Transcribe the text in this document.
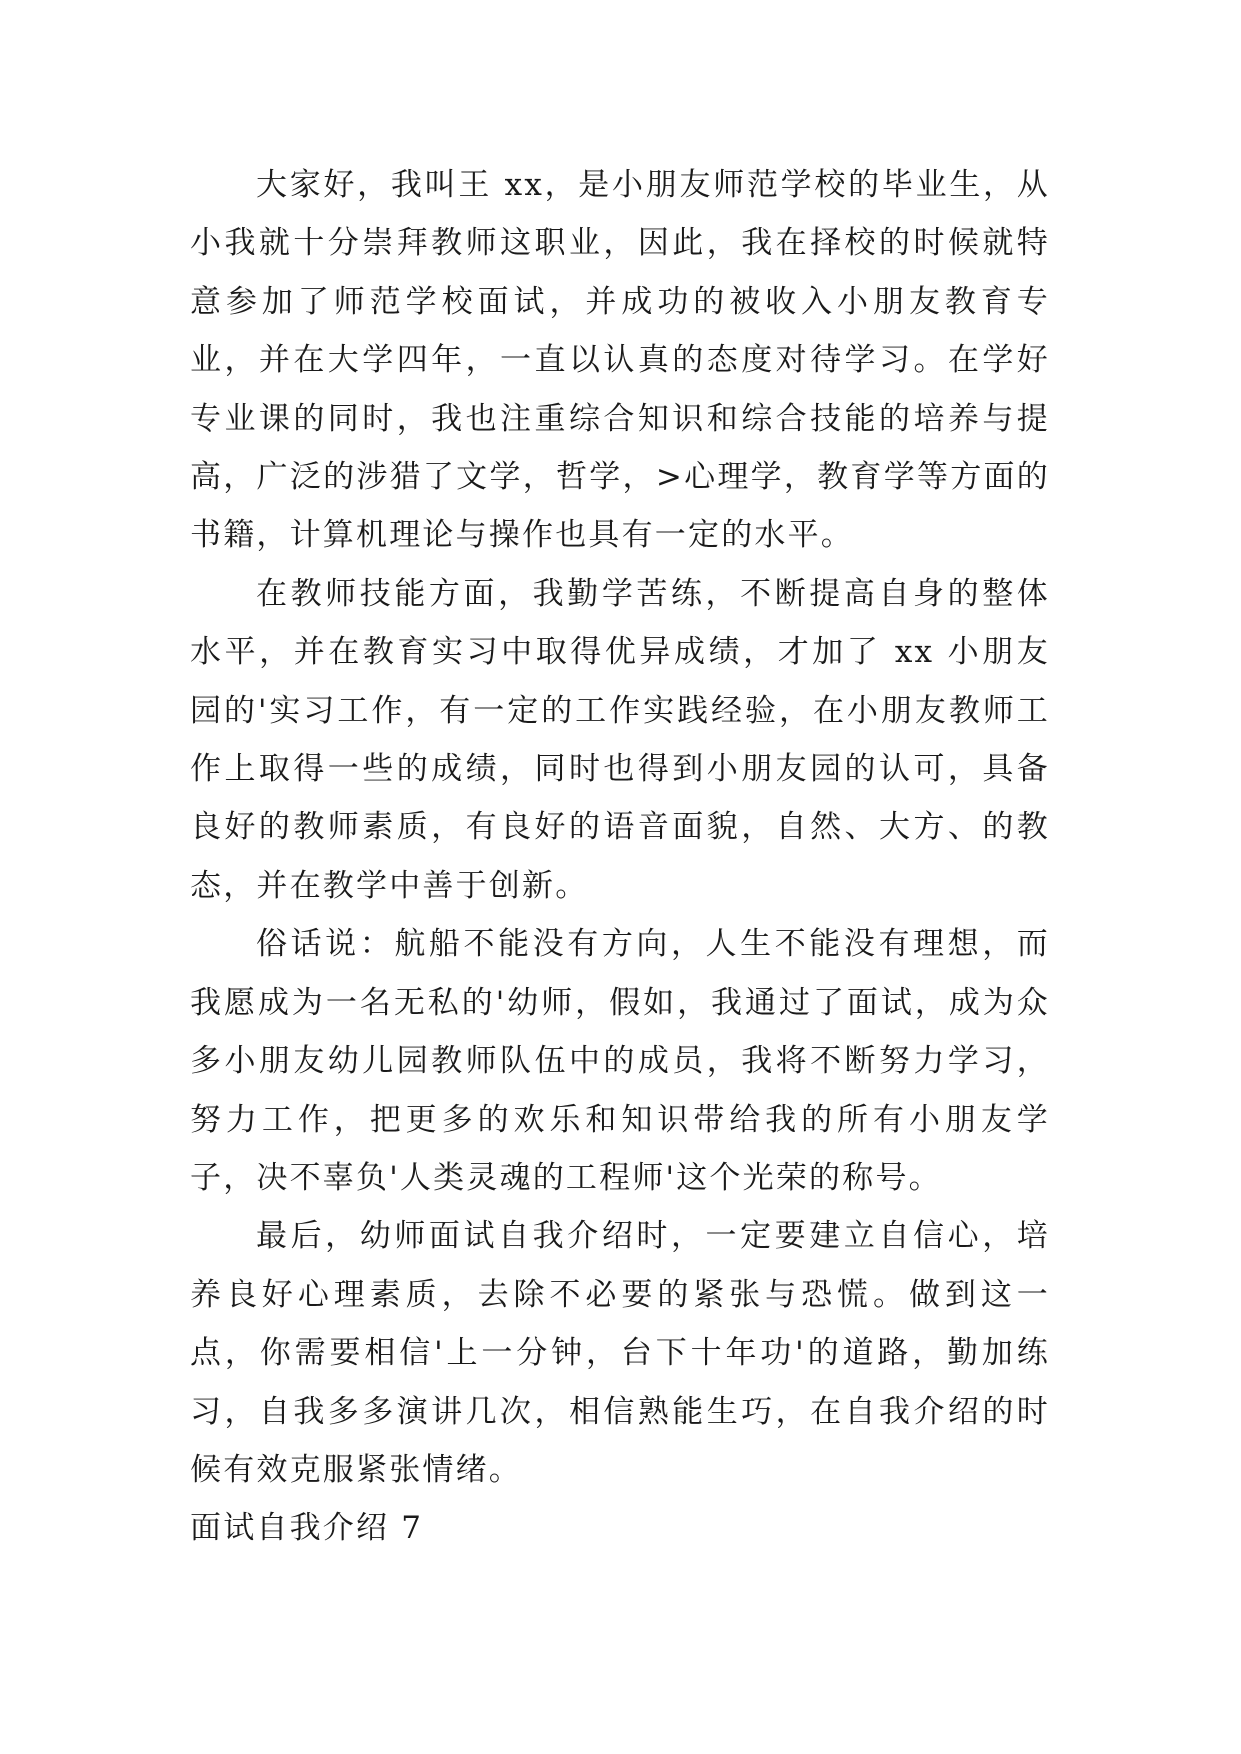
大家好，我叫王 xx，是小朋友师范学校的毕业生，从小我就十分崇拜教师这职业，因此，我在择校的时候就特意参加了师范学校面试，并成功的被收入小朋友教育专业，并在大学四年，一直以认真的态度对待学习。在学好专业课的同时，我也注重综合知识和综合技能的培养与提高，广泛的涉猎了文学，哲学，>心理学，教育学等方面的书籍，计算机理论与操作也具有一定的水平。

在教师技能方面，我勤学苦练，不断提高自身的整体水平，并在教育实习中取得优异成绩，才加了 xx 小朋友园的'实习工作，有一定的工作实践经验，在小朋友教师工作上取得一些的成绩，同时也得到小朋友园的认可，具备良好的教师素质，有良好的语音面貌，自然、大方、的教态，并在教学中善于创新。

俗话说：航船不能没有方向，人生不能没有理想，而我愿成为一名无私的'幼师，假如，我通过了面试，成为众多小朋友幼儿园教师队伍中的成员，我将不断努力学习，努力工作，把更多的欢乐和知识带给我的所有小朋友学子，决不辜负'人类灵魂的工程师'这个光荣的称号。

最后，幼师面试自我介绍时，一定要建立自信心，培养良好心理素质，去除不必要的紧张与恐慌。做到这一点，你需要相信'上一分钟，台下十年功'的道路，勤加练习，自我多多演讲几次，相信熟能生巧，在自我介绍的时候有效克服紧张情绪。

面试自我介绍 7
